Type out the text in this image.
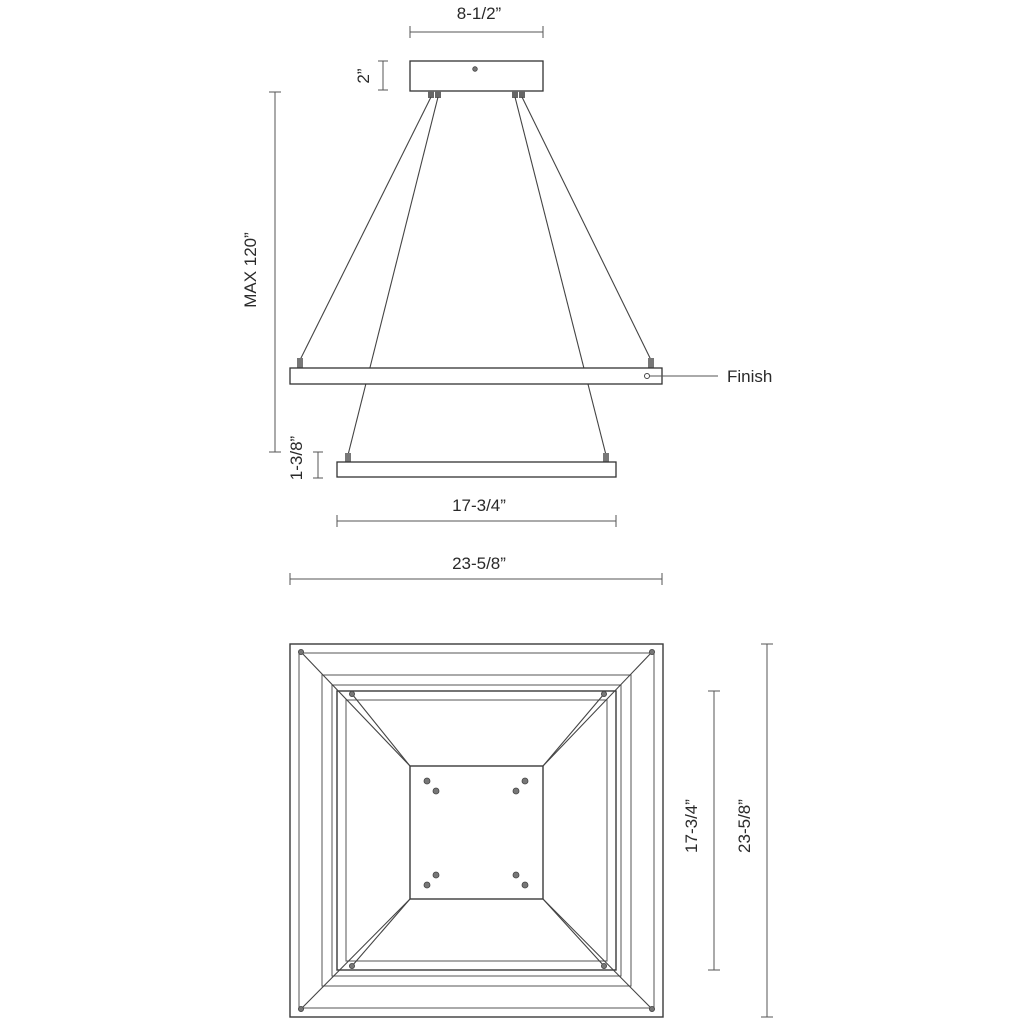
8-1/2”
2”
MAX 120”
Finish
1-3/8”
17-3/4”
23-5/8”
17-3/4” 23-5/8”
